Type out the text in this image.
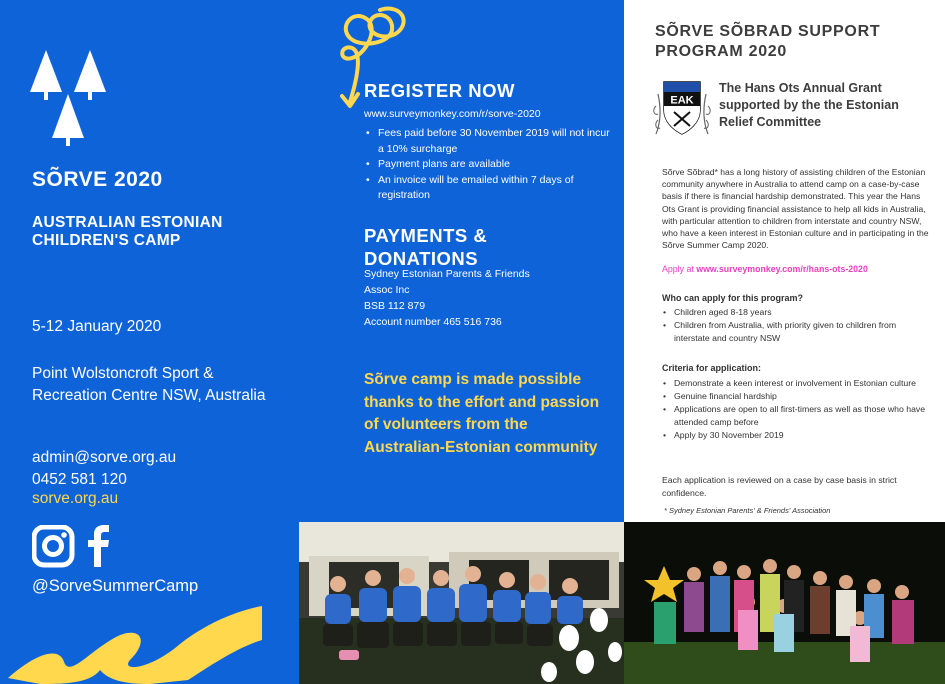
SÕRVE 2020
AUSTRALIAN ESTONIAN CHILDREN'S CAMP
5-12 January 2020
Point Wolstoncroft Sport & Recreation Centre NSW, Australia
admin@sorve.org.au
0452 581 120
sorve.org.au
@SorveSummerCamp
REGISTER NOW
www.surveymonkey.com/r/sorve-2020
• Fees paid before 30 November 2019 will not incur a 10% surcharge
• Payment plans are available
• An invoice will be emailed within 7 days of registration
PAYMENTS & DONATIONS
Sydney Estonian Parents & Friends
Assoc Inc
BSB 112 879
Account number 465 516 736
Sõrve camp is made possible thanks to the effort and passion of volunteers from the Australian-Estonian community
SÕRVE SÕBRAD SUPPORT PROGRAM 2020
EAK
The Hans Ots Annual Grant supported by the the Estonian Relief Committee
Sõrve Sõbrad* has a long history of assisting children of the Estonian community anywhere in Australia to attend camp on a case-by-case basis if there is financial hardship demonstrated. This year the Hans Ots Grant is providing financial assistance to help all kids in Australia, with particular attention to children from interstate and country NSW, who have a keen interest in Estonian culture and in participating in the Sõrve Summer Camp 2020.
Apply at www.surveymonkey.com/r/hans-ots-2020
Who can apply for this program?
• Children aged 8-18 years
• Children from Australia, with priority given to children from interstate and country NSW
Criteria for application:
• Demonstrate a keen interest or involvement in Estonian culture
• Genuine financial hardship
• Applications are open to all first-timers as well as those who have attended camp before
• Apply by 30 November 2019
Each application is reviewed on a case by case basis in strict confidence.
* Sydney Estonian Parents' & Friends' Association
